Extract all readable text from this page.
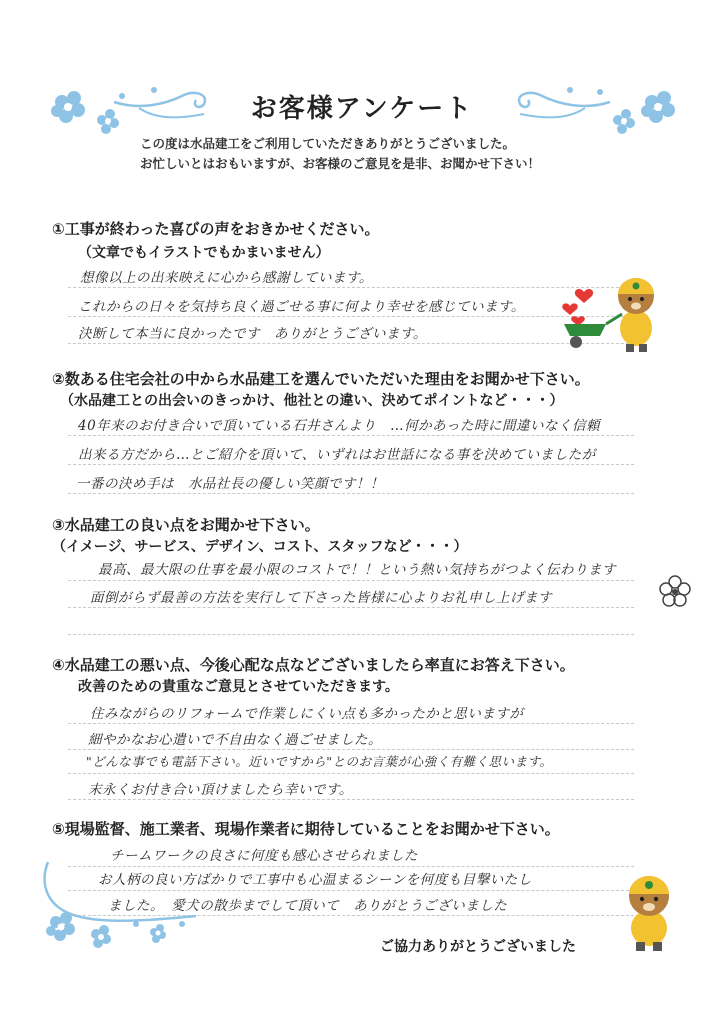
お客様アンケート
この度は水品建工をご利用していただきありがとうございました。
お忙しいとはおもいますが、お客様のご意見を是非、お聞かせ下さい！
①工事が終わった喜びの声をおきかせください。
（文章でもイラストでもかまいません）
想像以上の出来映えに心から感謝しています。
これからの日々を気持ち良く過ごせる事に何より幸せを感じています。
決断して本当に良かったです　ありがとうございます。
②数ある住宅会社の中から水品建工を選んでいただいた理由をお聞かせ下さい。
（水品建工との出会いのきっかけ、他社との違い、決めてポイントなど・・・）
40年来のお付き合いで頂いている石井さんより　…何かあった時に間違いなく信頼
出来る方だから…とご紹介を頂いて、いずれはお世話になる事を決めていましたが
一番の決め手は　水品社長の優しい笑顔です！！
③水品建工の良い点をお聞かせ下さい。
（イメージ、サービス、デザイン、コスト、スタッフなど・・・）
最高、最大限の仕事を最小限のコストで！！という熱い気持ちがつよく伝わります
面倒がらず最善の方法を実行して下さった皆様に心よりお礼申し上げます
④水品建工の悪い点、今後心配な点などございましたら率直にお答え下さい。
改善のための貴重なご意見とさせていただきます。
住みながらのリフォームで作業しにくい点も多かったかと思いますが
細やかなお心遣いで不自由なく過ごせました。
"どんな事でも電話下さい。近いですから"とのお言葉が心強く有難く思います。
末永くお付き合い頂けましたら幸いです。
⑤現場監督、施工業者、現場作業者に期待していることをお聞かせ下さい。
チームワークの良さに何度も感心させられました
お人柄の良い方ばかりで工事中も心温まるシーンを何度も目撃いたし
ました。　愛犬の散歩までして頂いて　ありがとうございました
ご協力ありがとうございました
